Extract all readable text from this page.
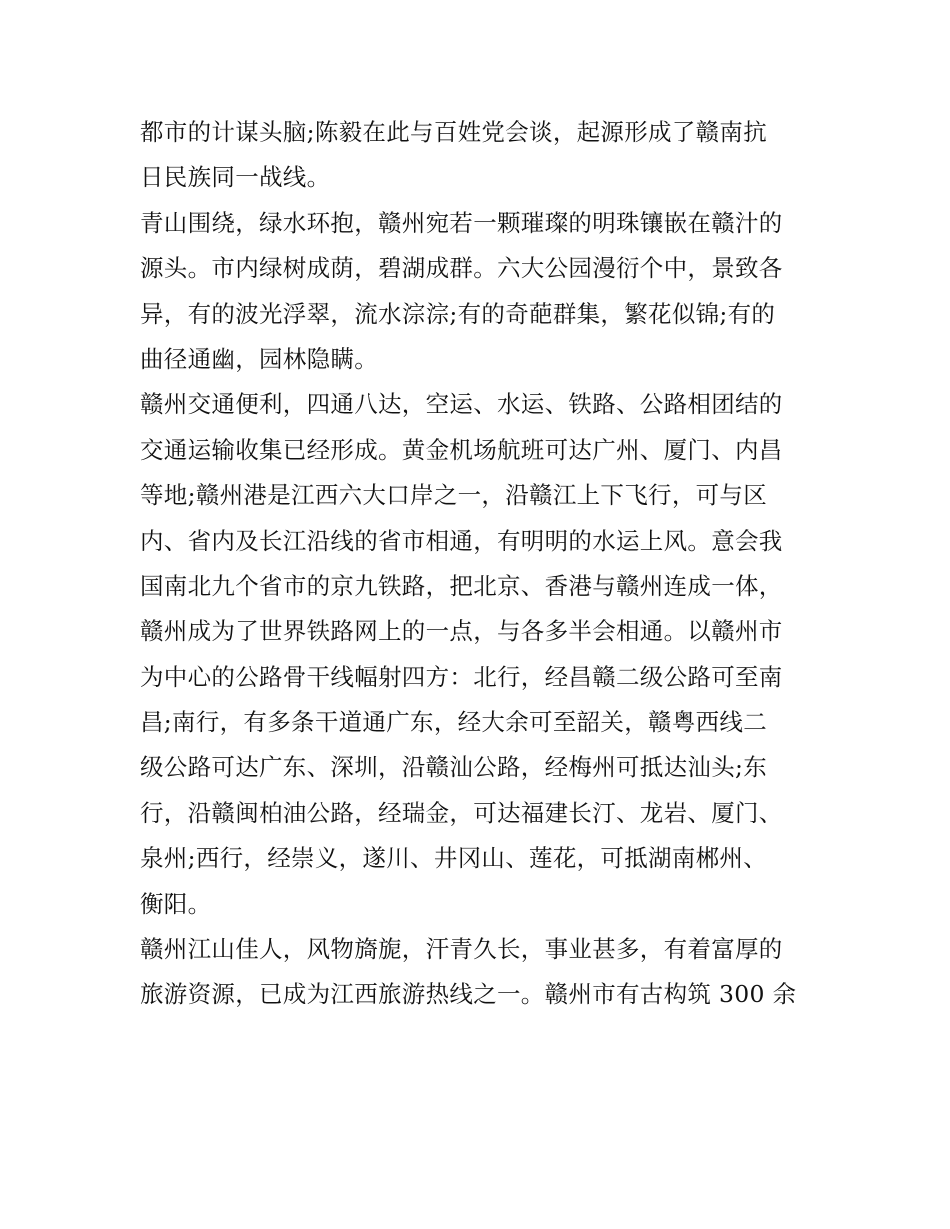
都市的计谋头脑;陈毅在此与百姓党会谈，起源形成了赣南抗
日民族同一战线。
青山围绕，绿水环抱，赣州宛若一颗璀璨的明珠镶嵌在赣汁的
源头。市内绿树成荫，碧湖成群。六大公园漫衍个中，景致各
异，有的波光浮翠，流水淙淙;有的奇葩群集，繁花似锦;有的
曲径通幽，园林隐瞒。
赣州交通便利，四通八达，空运、水运、铁路、公路相团结的
交通运输收集已经形成。黄金机场航班可达广州、厦门、内昌
等地;赣州港是江西六大口岸之一，沿赣江上下飞行，可与区
内、省内及长江沿线的省市相通，有明明的水运上风。意会我
国南北九个省市的京九铁路，把北京、香港与赣州连成一体，
赣州成为了世界铁路网上的一点，与各多半会相通。以赣州市
为中心的公路骨干线幅射四方：北行，经昌赣二级公路可至南
昌;南行，有多条干道通广东，经大余可至韶关，赣粤西线二
级公路可达广东、深圳，沿赣汕公路，经梅州可抵达汕头;东
行，沿赣闽柏油公路，经瑞金，可达福建长汀、龙岩、厦门、
泉州;西行，经崇义，遂川、井冈山、莲花，可抵湖南郴州、
衡阳。
赣州江山佳人，风物旖旎，汗青久长，事业甚多，有着富厚的
旅游资源，已成为江西旅游热线之一。赣州市有古构筑 300 余
